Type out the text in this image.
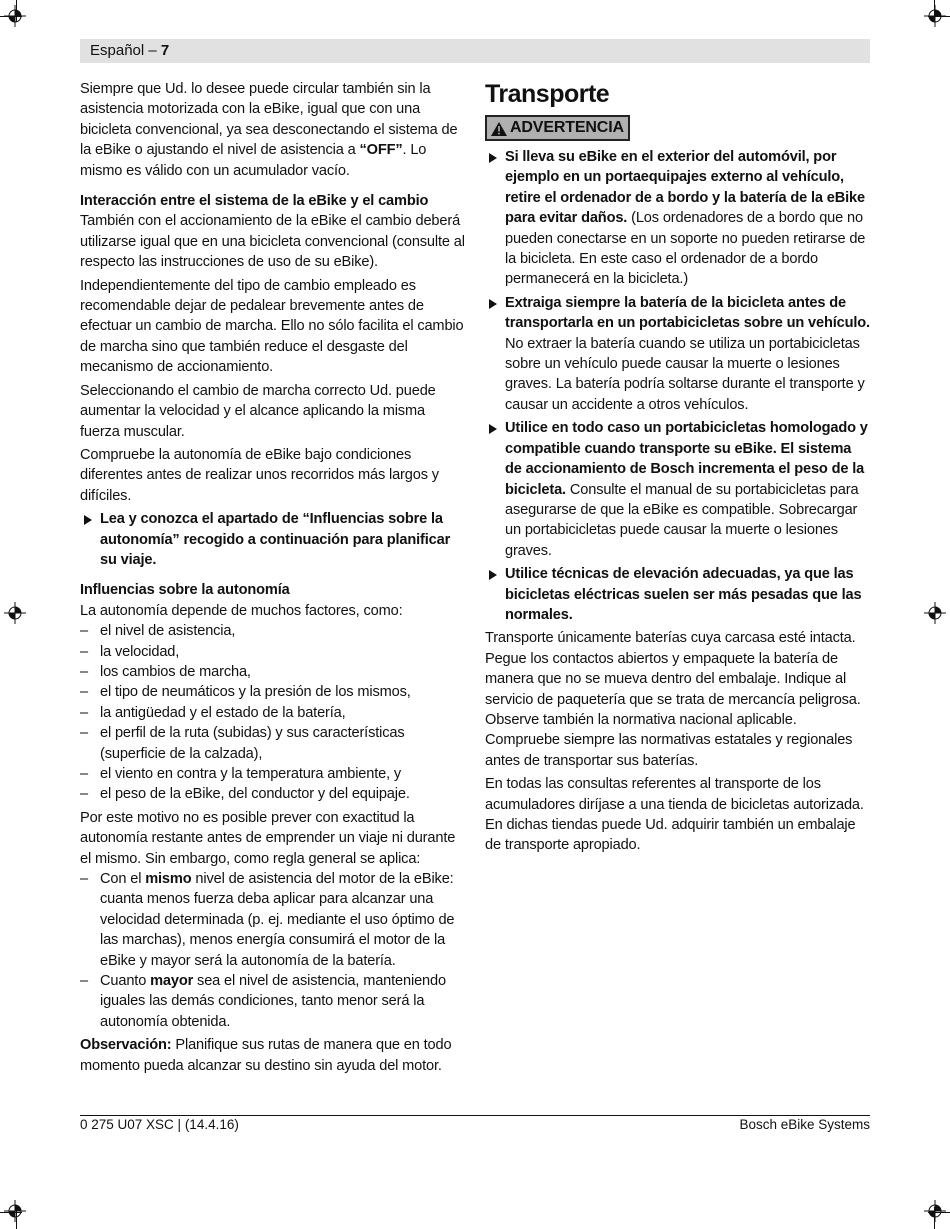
Español – 7

Siempre que Ud. lo desee puede circular también sin la asistencia motorizada con la eBike, igual que con una bicicleta convencional, ya sea desconectando el sistema de la eBike o ajustando el nivel de asistencia a “OFF”. Lo mismo es válido con un acumulador vacío.

Interacción entre el sistema de la eBike y el cambio

También con el accionamiento de la eBike el cambio deberá utilizarse igual que en una bicicleta convencional (consulte al respecto las instrucciones de uso de su eBike).

Independientemente del tipo de cambio empleado es recomendable dejar de pedalear brevemente antes de efectuar un cambio de marcha. Ello no sólo facilita el cambio de marcha sino que también reduce el desgaste del mecanismo de accionamiento.

Seleccionando el cambio de marcha correcto Ud. puede aumentar la velocidad y el alcance aplicando la misma fuerza muscular.

Compruebe la autonomía de eBike bajo condiciones diferentes antes de realizar unos recorridos más largos y difíciles.

Lea y conozca el apartado de “Influencias sobre la autonomía” recogido a continuación para planificar su viaje.
Influencias sobre la autonomía

La autonomía depende de muchos factores, como:

– el nivel de asistencia,
– la velocidad,
– los cambios de marcha,
– el tipo de neumáticos y la presión de los mismos,
– la antigüedad y el estado de la batería,
– el perfil de la ruta (subidas) y sus características (superficie de la calzada),
– el viento en contra y la temperatura ambiente, y
– el peso de la eBike, del conductor y del equipaje.

Por este motivo no es posible prever con exactitud la autonomía restante antes de emprender un viaje ni durante el mismo. Sin embargo, como regla general se aplica:

– Con el mismo nivel de asistencia del motor de la eBike: cuanta menos fuerza deba aplicar para alcanzar una velocidad determinada (p. ej. mediante el uso óptimo de las marchas), menos energía consumirá el motor de la eBike y mayor será la autonomía de la batería.
– Cuanto mayor sea el nivel de asistencia, manteniendo iguales las demás condiciones, tanto menor será la autonomía obtenida.

Observación: Planifique sus rutas de manera que en todo momento pueda alcanzar su destino sin ayuda del motor.

Transporte
ADVERTENCIA
Si lleva su eBike en el exterior del automóvil, por ejemplo en un portaequipajes externo al vehículo, retire el ordenador de a bordo y la batería de la eBike para evitar daños. (Los ordenadores de a bordo que no pueden conectarse en un soporte no pueden retirarse de la bicicleta. En este caso el ordenador de a bordo permanecerá en la bicicleta.)
Extraiga siempre la batería de la bicicleta antes de transportarla en un portabicicletas sobre un vehículo. No extraer la batería cuando se utiliza un portabicicletas sobre un vehículo puede causar la muerte o lesiones graves. La batería podría soltarse durante el transporte y causar un accidente a otros vehículos.
Utilice en todo caso un portabicicletas homologado y compatible cuando transporte su eBike. El sistema de accionamiento de Bosch incrementa el peso de la bicicleta. Consulte el manual de su portabicicletas para asegurarse de que la eBike es compatible. Sobrecargar un portabicicletas puede causar la muerte o lesiones graves.
Utilice técnicas de elevación adecuadas, ya que las bicicletas eléctricas suelen ser más pesadas que las normales.

Transporte únicamente baterías cuya carcasa esté intacta. Pegue los contactos abiertos y empaquete la batería de manera que no se mueva dentro del embalaje. Indique al servicio de paquetería que se trata de mercancía peligrosa. Observe también la normativa nacional aplicable. Compruebe siempre las normativas estatales y regionales antes de transportar sus baterías.

En todas las consultas referentes al transporte de los acumuladores diríjase a una tienda de bicicletas autorizada. En dichas tiendas puede Ud. adquirir también un embalaje de transporte apropiado.

0 275 U07 XSC | (14.4.16)	Bosch eBike Systems
